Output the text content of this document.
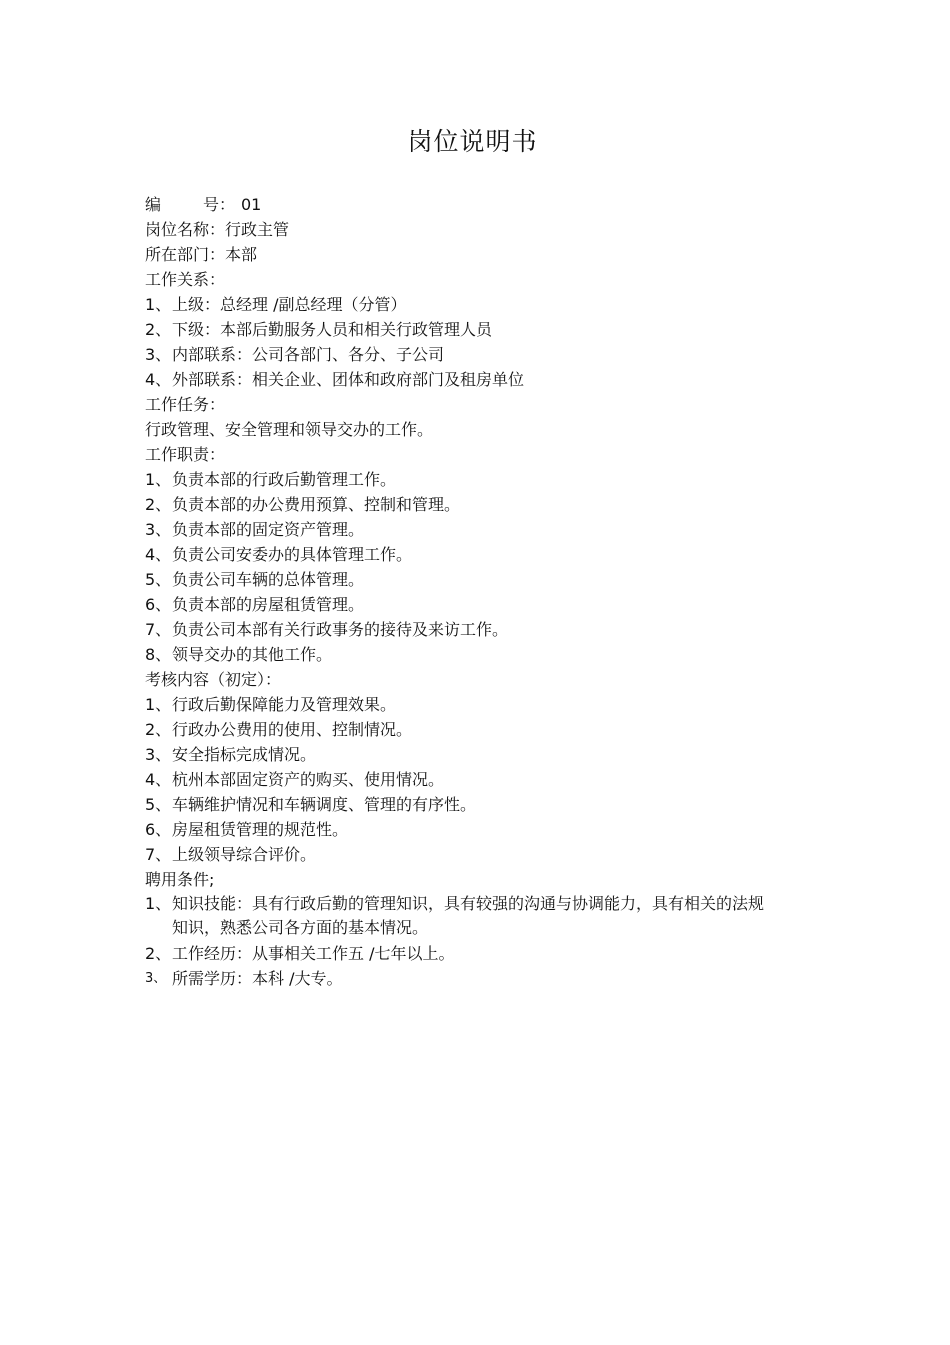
岗位说明书
编	号： 01
岗位名称：行政主管
所在部门：本部
工作关系：
1、 上级：总经理 /副总经理（分管）
2、 下级：本部后勤服务人员和相关行政管理人员
3、 内部联系：公司各部门、各分、子公司
4、 外部联系：相关企业、团体和政府部门及租房单位
工作任务：
行政管理、安全管理和领导交办的工作。
工作职责：
1、 负责本部的行政后勤管理工作。
2、 负责本部的办公费用预算、控制和管理。
3、 负责本部的固定资产管理。
4、 负责公司安委办的具体管理工作。
5、 负责公司车辆的总体管理。
6、 负责本部的房屋租赁管理。
7、 负责公司本部有关行政事务的接待及来访工作。
8、 领导交办的其他工作。
考核内容（初定）：
1、 行政后勤保障能力及管理效果。
2、 行政办公费用的使用、控制情况。
3、 安全指标完成情况。
4、 杭州本部固定资产的购买、使用情况。
5、 车辆维护情况和车辆调度、管理的有序性。
6、 房屋租赁管理的规范性。
7、 上级领导综合评价。
聘用条件;
1、 知识技能：具有行政后勤的管理知识，具有较强的沟通与协调能力，具有相关的法规知识，熟悉公司各方面的基本情况。
2、 工作经历：从事相关工作五 /七年以上。
3、 所需学历：本科 /大专。
